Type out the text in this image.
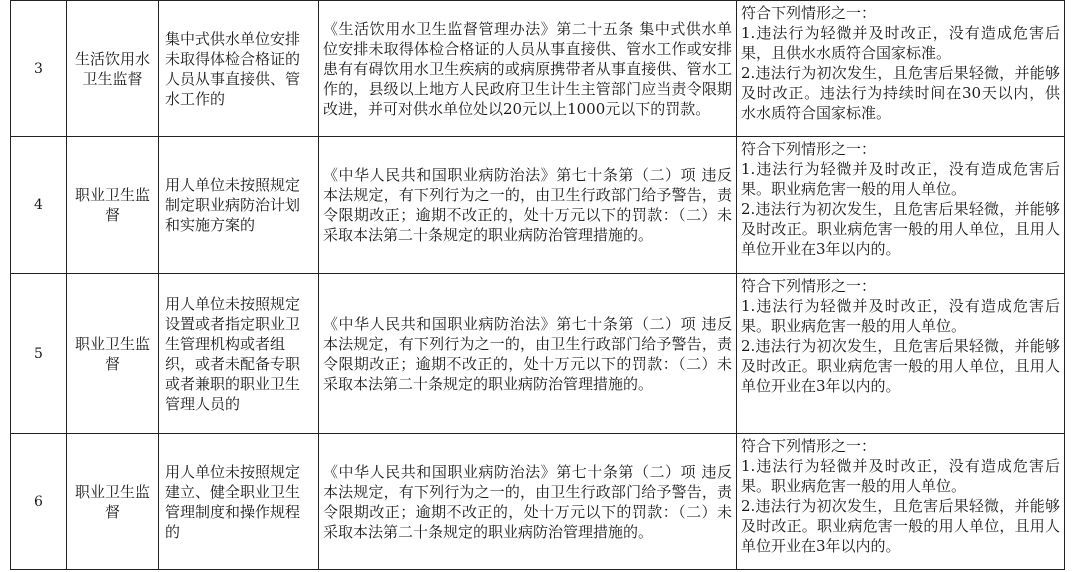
3	生活饮用水卫生监督	集中式供水单位安排未取得体检合格证的人员从事直接供、管水工作的	《生活饮用水卫生监督管理办法》第二十五条 集中式供水单位安排未取得体检合格证的人员从事直接供、管水工作或安排患有有碍饮用水卫生疾病的或病原携带者从事直接供、管水工作的，县级以上地方人民政府卫生计生主管部门应当责令限期改进，并可对供水单位处以20元以上1000元以下的罚款。	符合下列情形之一：
1.违法行为轻微并及时改正，没有造成危害后果，且供水水质符合国家标准。
2.违法行为初次发生，且危害后果轻微，并能够及时改正。违法行为持续时间在30天以内，供水水质符合国家标准。

4	职业卫生监督	用人单位未按照规定制定职业病防治计划和实施方案的	《中华人民共和国职业病防治法》第七十条第（二）项 违反本法规定，有下列行为之一的，由卫生行政部门给予警告，责令限期改正；逾期不改正的，处十万元以下的罚款：（二）未采取本法第二十条规定的职业病防治管理措施的。	符合下列情形之一：
1.违法行为轻微并及时改正，没有造成危害后果。职业病危害一般的用人单位。
2.违法行为初次发生，且危害后果轻微，并能够及时改正。职业病危害一般的用人单位，且用人单位开业在3年以内的。

5	职业卫生监督	用人单位未按照规定设置或者指定职业卫生管理机构或者组织，或者未配备专职或者兼职的职业卫生管理人员的	《中华人民共和国职业病防治法》第七十条第（二）项 违反本法规定，有下列行为之一的，由卫生行政部门给予警告，责令限期改正；逾期不改正的，处十万元以下的罚款：（二）未采取本法第二十条规定的职业病防治管理措施的。	符合下列情形之一：
1.违法行为轻微并及时改正，没有造成危害后果。职业病危害一般的用人单位。
2.违法行为初次发生，且危害后果轻微，并能够及时改正。职业病危害一般的用人单位，且用人单位开业在3年以内的。

6	职业卫生监督	用人单位未按照规定建立、健全职业卫生管理制度和操作规程的	《中华人民共和国职业病防治法》第七十条第（二）项 违反本法规定，有下列行为之一的，由卫生行政部门给予警告，责令限期改正；逾期不改正的，处十万元以下的罚款：（二）未采取本法第二十条规定的职业病防治管理措施的。	符合下列情形之一：
1.违法行为轻微并及时改正，没有造成危害后果。职业病危害一般的用人单位。
2.违法行为初次发生，且危害后果轻微，并能够及时改正。职业病危害一般的用人单位，且用人单位开业在3年以内的。
